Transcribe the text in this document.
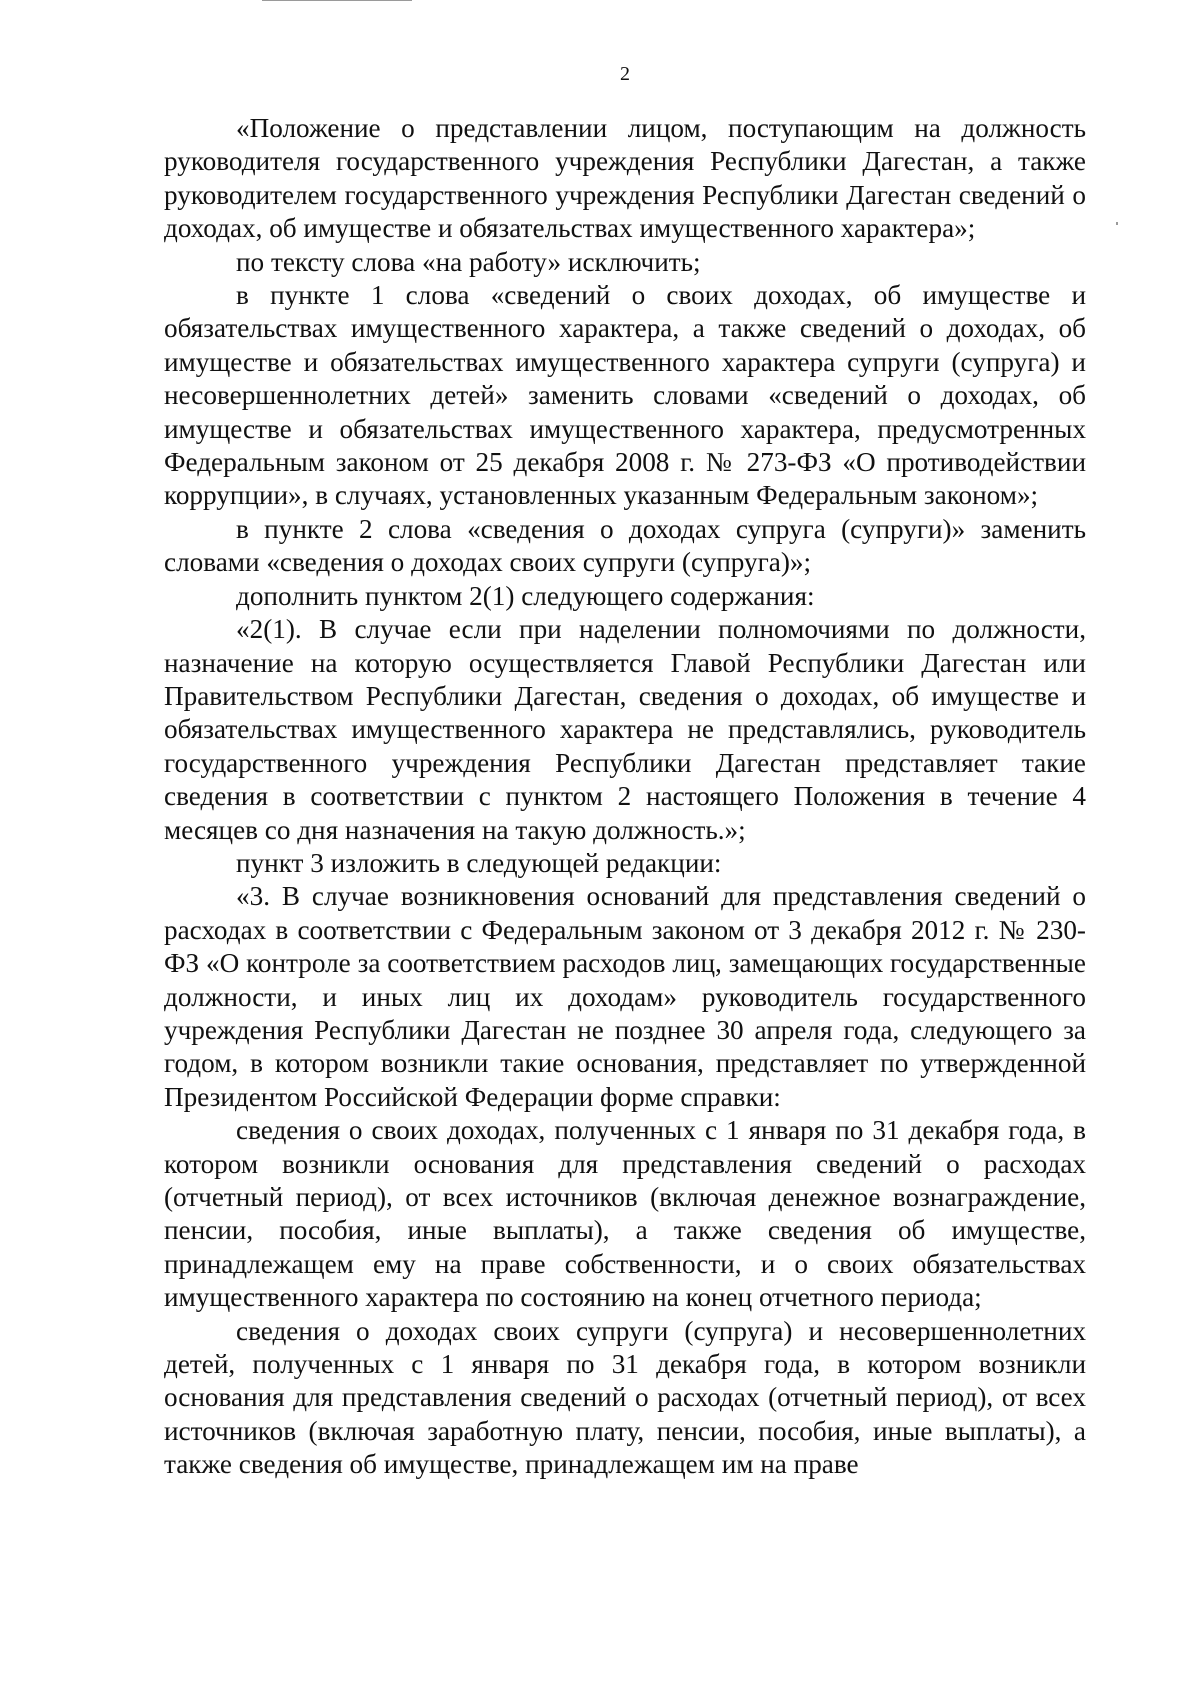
2

«Положение о представлении лицом, поступающим на должность руководителя государственного учреждения Республики Дагестан, а также руководителем государственного учреждения Республики Дагестан сведений о доходах, об имуществе и обязательствах имущественного характера»;

по тексту слова «на работу» исключить;

в пункте 1 слова «сведений о своих доходах, об имуществе и обязательствах имущественного характера, а также сведений о доходах, об имуществе и обязательствах имущественного характера супруги (супруга) и несовершеннолетних детей» заменить словами «сведений о доходах, об имуществе и обязательствах имущественного характера, предусмотренных Федеральным законом от 25 декабря 2008 г. № 273-ФЗ «О противодействии коррупции», в случаях, установленных указанным Федеральным законом»;

в пункте 2 слова «сведения о доходах супруга (супруги)» заменить словами «сведения о доходах своих супруги (супруга)»;

дополнить пунктом 2(1) следующего содержания:

«2(1). В случае если при наделении полномочиями по должности, назначение на которую осуществляется Главой Республики Дагестан или Правительством Республики Дагестан, сведения о доходах, об имуществе и обязательствах имущественного характера не представлялись, руководитель государственного учреждения Республики Дагестан представляет такие сведения в соответствии с пунктом 2 настоящего Положения в течение 4 месяцев со дня назначения на такую должность.»;

пункт 3 изложить в следующей редакции:

«3. В случае возникновения оснований для представления сведений о расходах в соответствии с Федеральным законом от 3 декабря 2012 г. № 230-ФЗ «О контроле за соответствием расходов лиц, замещающих государственные должности, и иных лиц их доходам» руководитель государственного учреждения Республики Дагестан не позднее 30 апреля года, следующего за годом, в котором возникли такие основания, представляет по утвержденной Президентом Российской Федерации форме справки:

сведения о своих доходах, полученных с 1 января по 31 декабря года, в котором возникли основания для представления сведений о расходах (отчетный период), от всех источников (включая денежное вознаграждение, пенсии, пособия, иные выплаты), а также сведения об имуществе, принадлежащем ему на праве собственности, и о своих обязательствах имущественного характера по состоянию на конец отчетного периода;

сведения о доходах своих супруги (супруга) и несовершеннолетних детей, полученных с 1 января по 31 декабря года, в котором возникли основания для представления сведений о расходах (отчетный период), от всех источников (включая заработную плату, пенсии, пособия, иные выплаты), а также сведения об имуществе, принадлежащем им на праве
